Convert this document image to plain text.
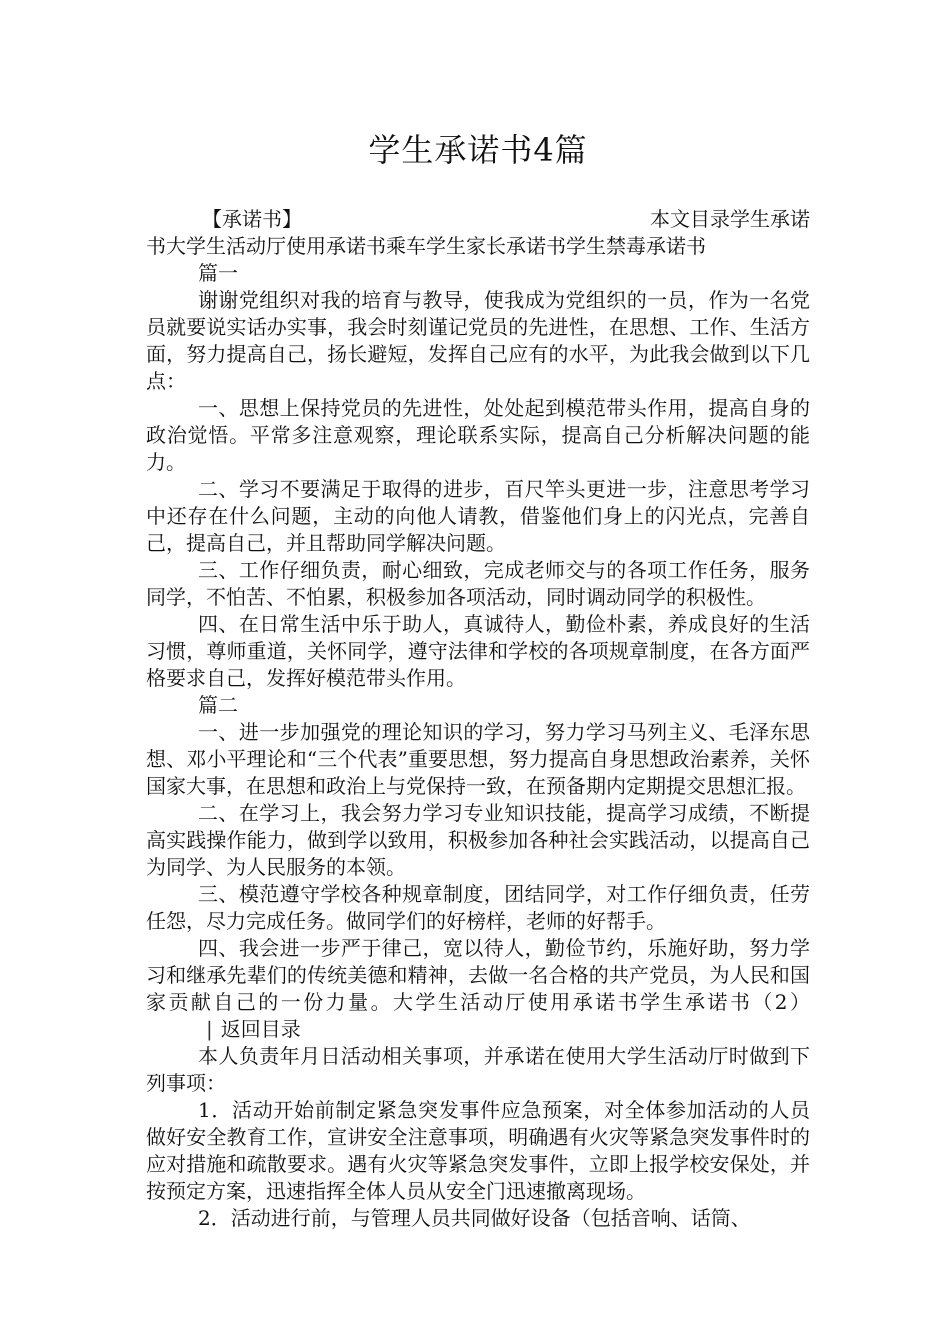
学生承诺书4篇
【承诺书】	本文目录学生承诺

书大学生活动厅使用承诺书乘车学生家长承诺书学生禁毒承诺书

篇一

谢谢党组织对我的培育与教导，使我成为党组织的一员，作为一名党员就要说实话办实事，我会时刻谨记党员的先进性，在思想、工作、生活方面，努力提高自己，扬长避短，发挥自己应有的水平，为此我会做到以下几点：

一、思想上保持党员的先进性，处处起到模范带头作用，提高自身的政治觉悟。平常多注意观察，理论联系实际，提高自己分析解决问题的能力。

二、学习不要满足于取得的进步，百尺竿头更进一步，注意思考学习中还存在什么问题，主动的向他人请教，借鉴他们身上的闪光点，完善自己，提高自己，并且帮助同学解决问题。

三、工作仔细负责，耐心细致，完成老师交与的各项工作任务，服务同学，不怕苦、不怕累，积极参加各项活动，同时调动同学的积极性。

四、在日常生活中乐于助人，真诚待人，勤俭朴素，养成良好的生活习惯，尊师重道，关怀同学，遵守法律和学校的各项规章制度，在各方面严格要求自己，发挥好模范带头作用。

篇二

一、进一步加强党的理论知识的学习，努力学习马列主义、毛泽东思想、邓小平理论和“三个代表”重要思想，努力提高自身思想政治素养，关怀国家大事，在思想和政治上与党保持一致，在预备期内定期提交思想汇报。

二、在学习上，我会努力学习专业知识技能，提高学习成绩，不断提高实践操作能力，做到学以致用，积极参加各种社会实践活动，以提高自己为同学、为人民服务的本领。

三、模范遵守学校各种规章制度，团结同学，对工作仔细负责，任劳任怨，尽力完成任务。做同学们的好榜样，老师的好帮手。

四、我会进一步严于律己，宽以待人，勤俭节约，乐施好助，努力学习和继承先辈们的传统美德和精神，去做一名合格的共产党员，为人民和国家贡献自己的一份力量。大学生活动厅使用承诺书学生承诺书（2）| 返回目录

本人负责年月日活动相关事项，并承诺在使用大学生活动厅时做到下列事项：

1．活动开始前制定紧急突发事件应急预案，对全体参加活动的人员做好安全教育工作，宣讲安全注意事项，明确遇有火灾等紧急突发事件时的应对措施和疏散要求。遇有火灾等紧急突发事件，立即上报学校安保处，并按预定方案，迅速指挥全体人员从安全门迅速撤离现场。

2．活动进行前，与管理人员共同做好设备（包括音响、话筒、
